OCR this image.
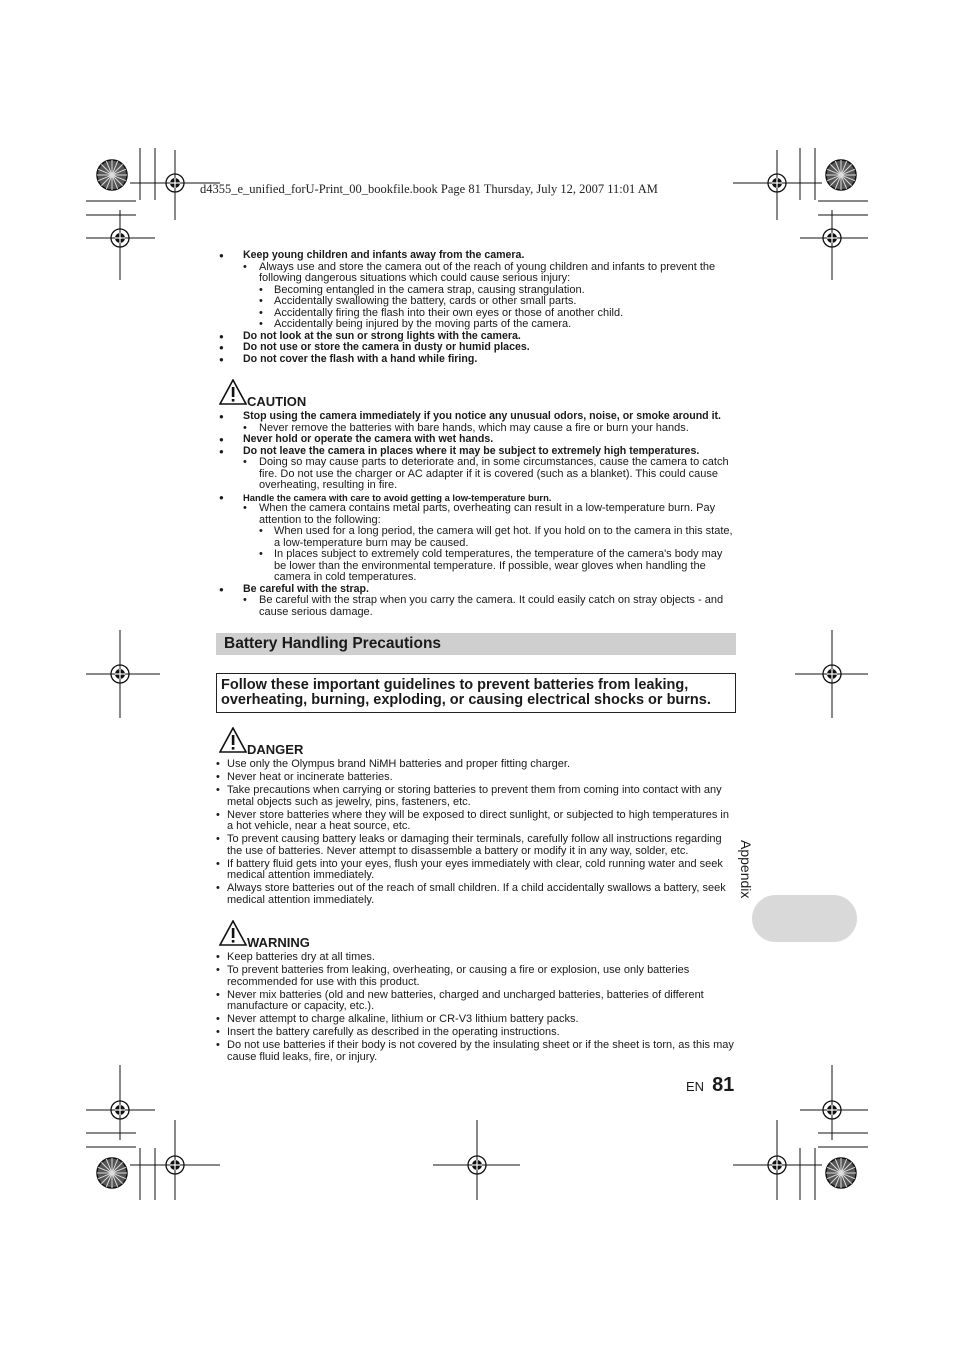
d4355_e_unified_forU-Print_00_bookfile.book Page 81 Thursday, July 12, 2007 11:01 AM
● Keep young children and infants away from the camera.
• Always use and store the camera out of the reach of young children and infants to prevent the following dangerous situations which could cause serious injury:
• Becoming entangled in the camera strap, causing strangulation.
• Accidentally swallowing the battery, cards or other small parts.
• Accidentally firing the flash into their own eyes or those of another child.
• Accidentally being injured by the moving parts of the camera.
● Do not look at the sun or strong lights with the camera.
● Do not use or store the camera in dusty or humid places.
● Do not cover the flash with a hand while firing.
CAUTION
● Stop using the camera immediately if you notice any unusual odors, noise, or smoke around it.
• Never remove the batteries with bare hands, which may cause a fire or burn your hands.
● Never hold or operate the camera with wet hands.
● Do not leave the camera in places where it may be subject to extremely high temperatures.
• Doing so may cause parts to deteriorate and, in some circumstances, cause the camera to catch fire. Do not use the charger or AC adapter if it is covered (such as a blanket). This could cause overheating, resulting in fire.
● Handle the camera with care to avoid getting a low-temperature burn.
• When the camera contains metal parts, overheating can result in a low-temperature burn. Pay attention to the following:
• When used for a long period, the camera will get hot. If you hold on to the camera in this state, a low-temperature burn may be caused.
• In places subject to extremely cold temperatures, the temperature of the camera's body may be lower than the environmental temperature. If possible, wear gloves when handling the camera in cold temperatures.
● Be careful with the strap.
• Be careful with the strap when you carry the camera. It could easily catch on stray objects - and cause serious damage.
Battery Handling Precautions
Follow these important guidelines to prevent batteries from leaking, overheating, burning, exploding, or causing electrical shocks or burns.
DANGER
• Use only the Olympus brand NiMH batteries and proper fitting charger.
• Never heat or incinerate batteries.
• Take precautions when carrying or storing batteries to prevent them from coming into contact with any metal objects such as jewelry, pins, fasteners, etc.
• Never store batteries where they will be exposed to direct sunlight, or subjected to high temperatures in a hot vehicle, near a heat source, etc.
• To prevent causing battery leaks or damaging their terminals, carefully follow all instructions regarding the use of batteries. Never attempt to disassemble a battery or modify it in any way, solder, etc.
• If battery fluid gets into your eyes, flush your eyes immediately with clear, cold running water and seek medical attention immediately.
• Always store batteries out of the reach of small children. If a child accidentally swallows a battery, seek medical attention immediately.
WARNING
• Keep batteries dry at all times.
• To prevent batteries from leaking, overheating, or causing a fire or explosion, use only batteries recommended for use with this product.
• Never mix batteries (old and new batteries, charged and uncharged batteries, batteries of different manufacture or capacity, etc.).
• Never attempt to charge alkaline, lithium or CR-V3 lithium battery packs.
• Insert the battery carefully as described in the operating instructions.
• Do not use batteries if their body is not covered by the insulating sheet or if the sheet is torn, as this may cause fluid leaks, fire, or injury.
Appendix
EN 81
